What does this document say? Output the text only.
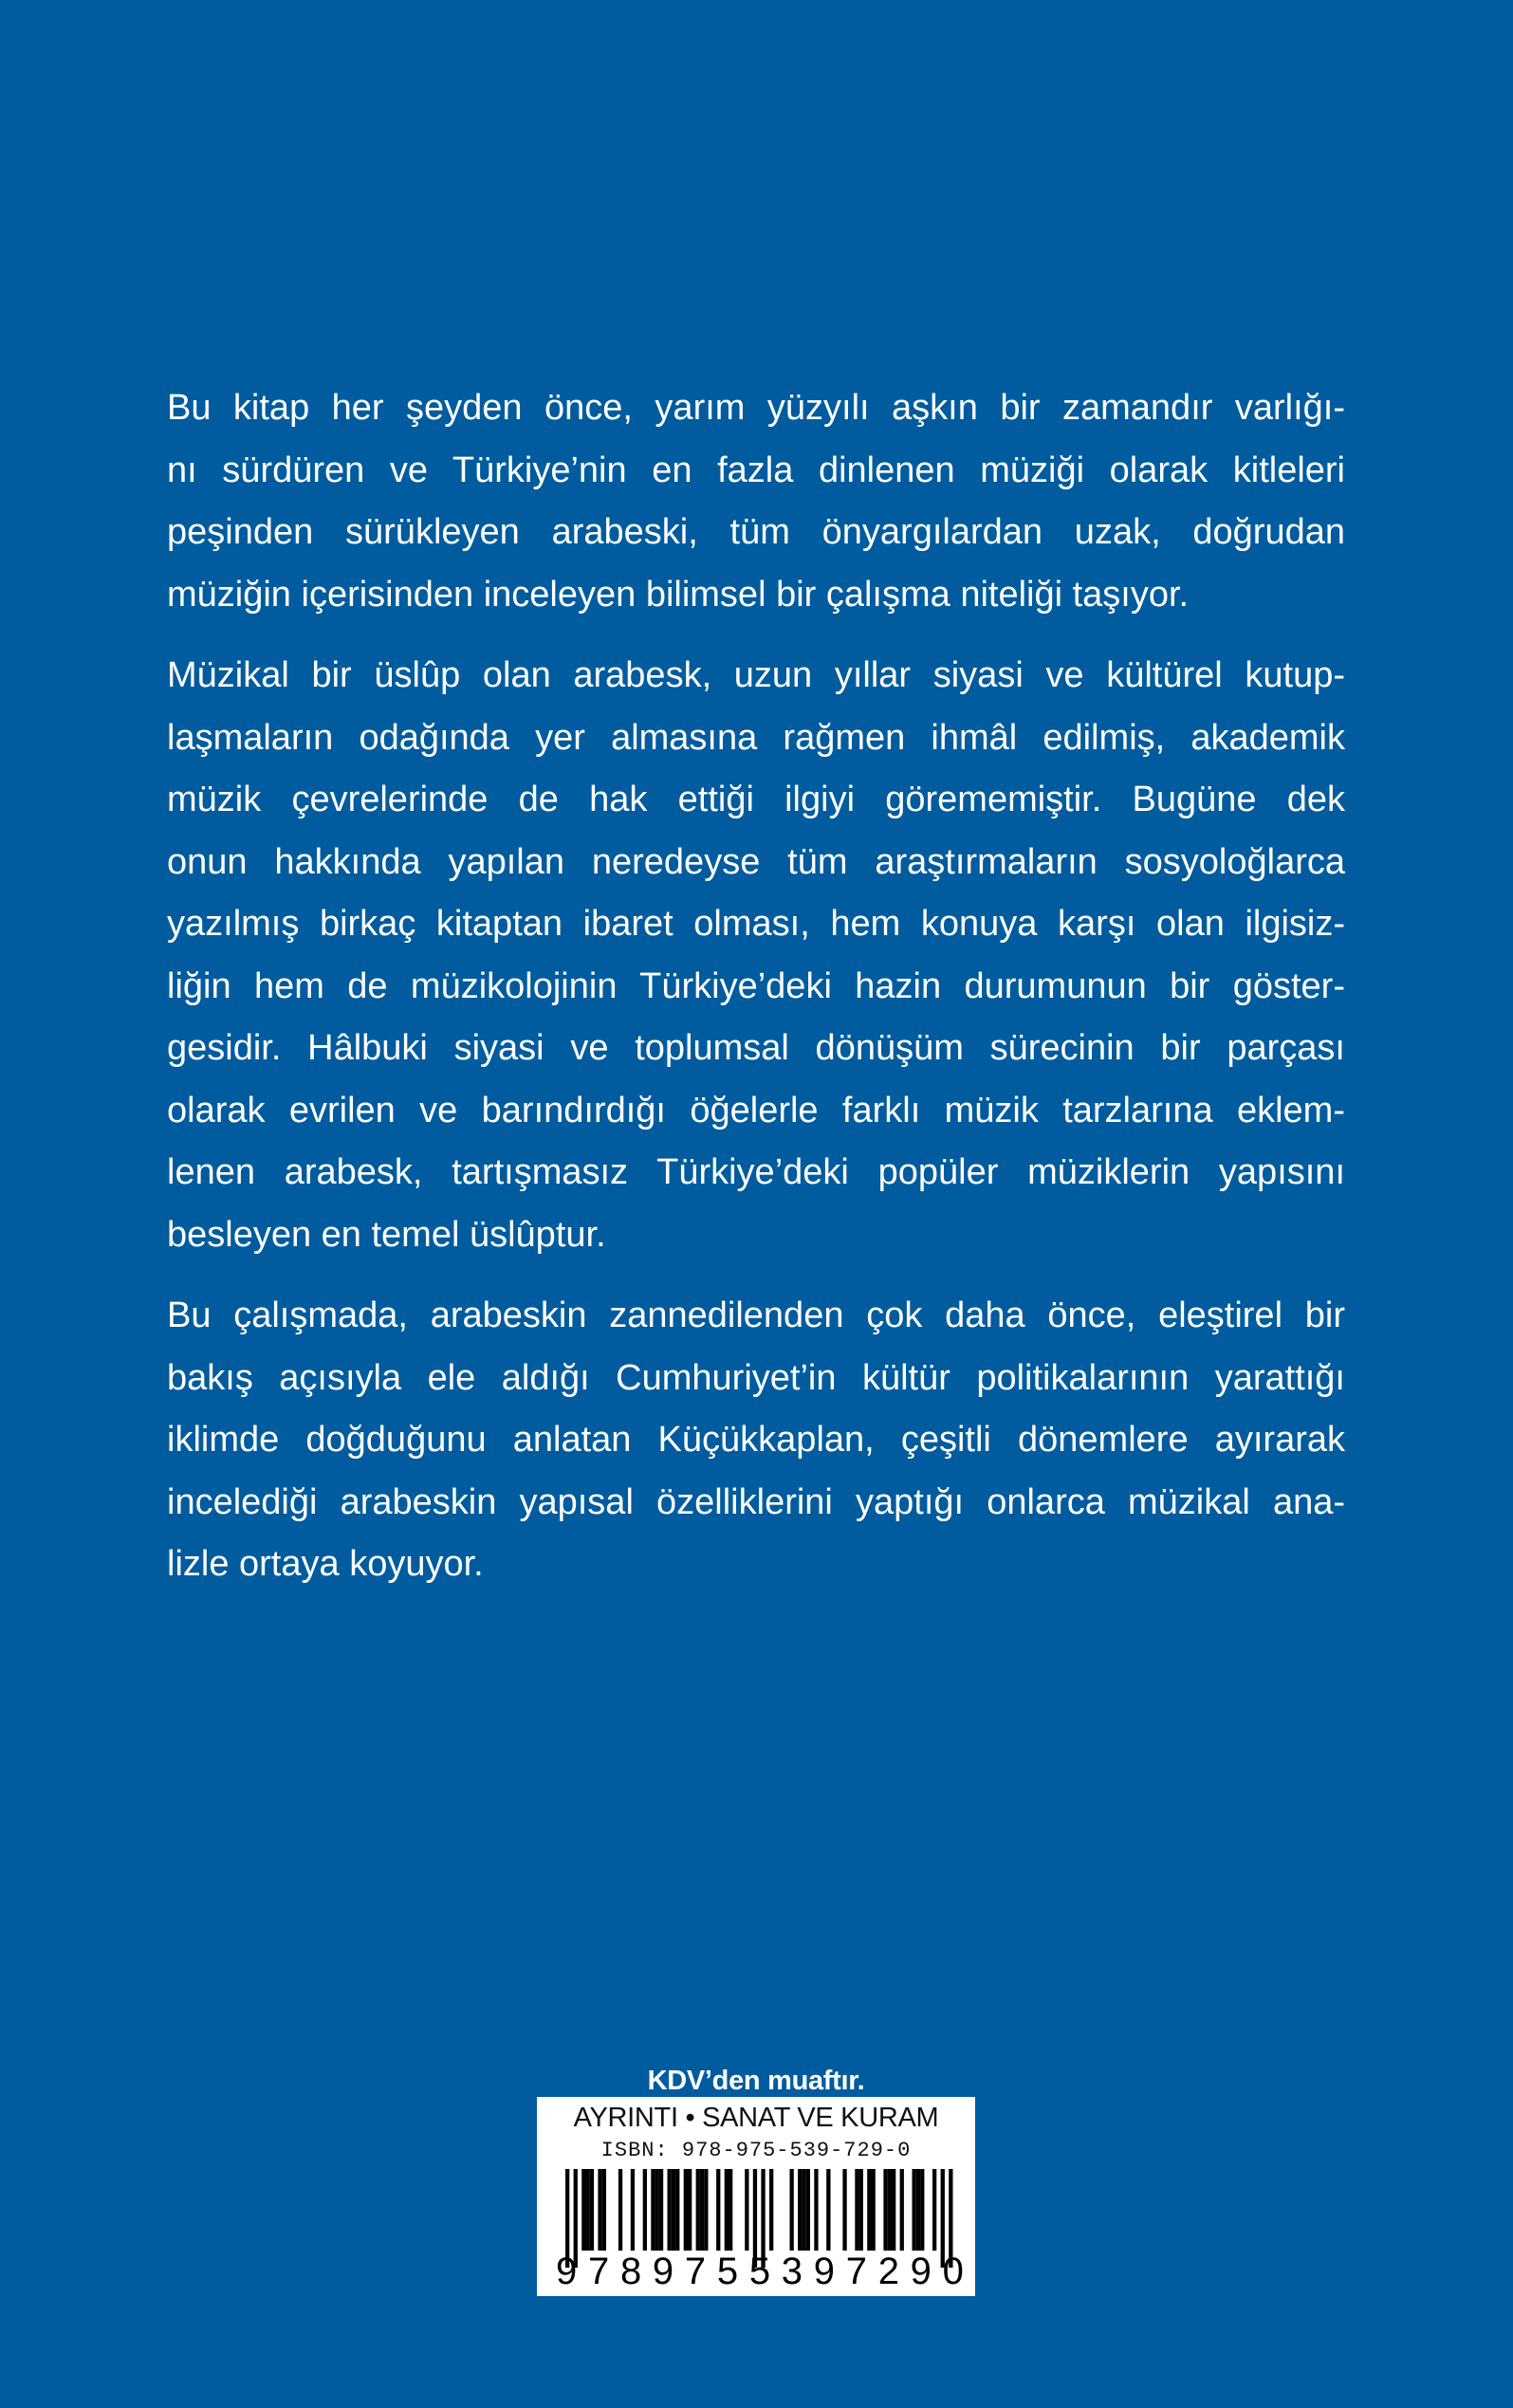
Bu kitap her şeyden önce, yarım yüzyılı aşkın bir zamandır varlığı-
nı sürdüren ve Türkiye’nin en fazla dinlenen müziği olarak kitleleri
peşinden sürükleyen arabeski, tüm önyargılardan uzak, doğrudan
müziğin içerisinden inceleyen bilimsel bir çalışma niteliği taşıyor.

Müzikal bir üslûp olan arabesk, uzun yıllar siyasi ve kültürel kutup-
laşmaların odağında yer almasına rağmen ihmâl edilmiş, akademik
müzik çevrelerinde de hak ettiği ilgiyi görememiştir. Bugüne dek
onun hakkında yapılan neredeyse tüm araştırmaların sosyoloğlarca
yazılmış birkaç kitaptan ibaret olması, hem konuya karşı olan ilgisiz-
liğin hem de müzikolojinin Türkiye’deki hazin durumunun bir göster-
gesidir. Hâlbuki siyasi ve toplumsal dönüşüm sürecinin bir parçası
olarak evrilen ve barındırdığı öğelerle farklı müzik tarzlarına eklem-
lenen arabesk, tartışmasız Türkiye’deki popüler müziklerin yapısını
besleyen en temel üslûptur.

Bu çalışmada, arabeskin zannedilenden çok daha önce, eleştirel bir
bakış açısıyla ele aldığı Cumhuriyet’in kültür politikalarının yarattığı
iklimde doğduğunu anlatan Küçükkaplan, çeşitli dönemlere ayırarak
incelediği arabeskin yapısal özelliklerini yaptığı onlarca müzikal ana-
lizle ortaya koyuyor.

KDV’den muaftır.
AYRINTI • SANAT VE KURAM
ISBN: 978-975-539-729-0
9 7 8 9 7 5 5 3 9 7 2 9 0
